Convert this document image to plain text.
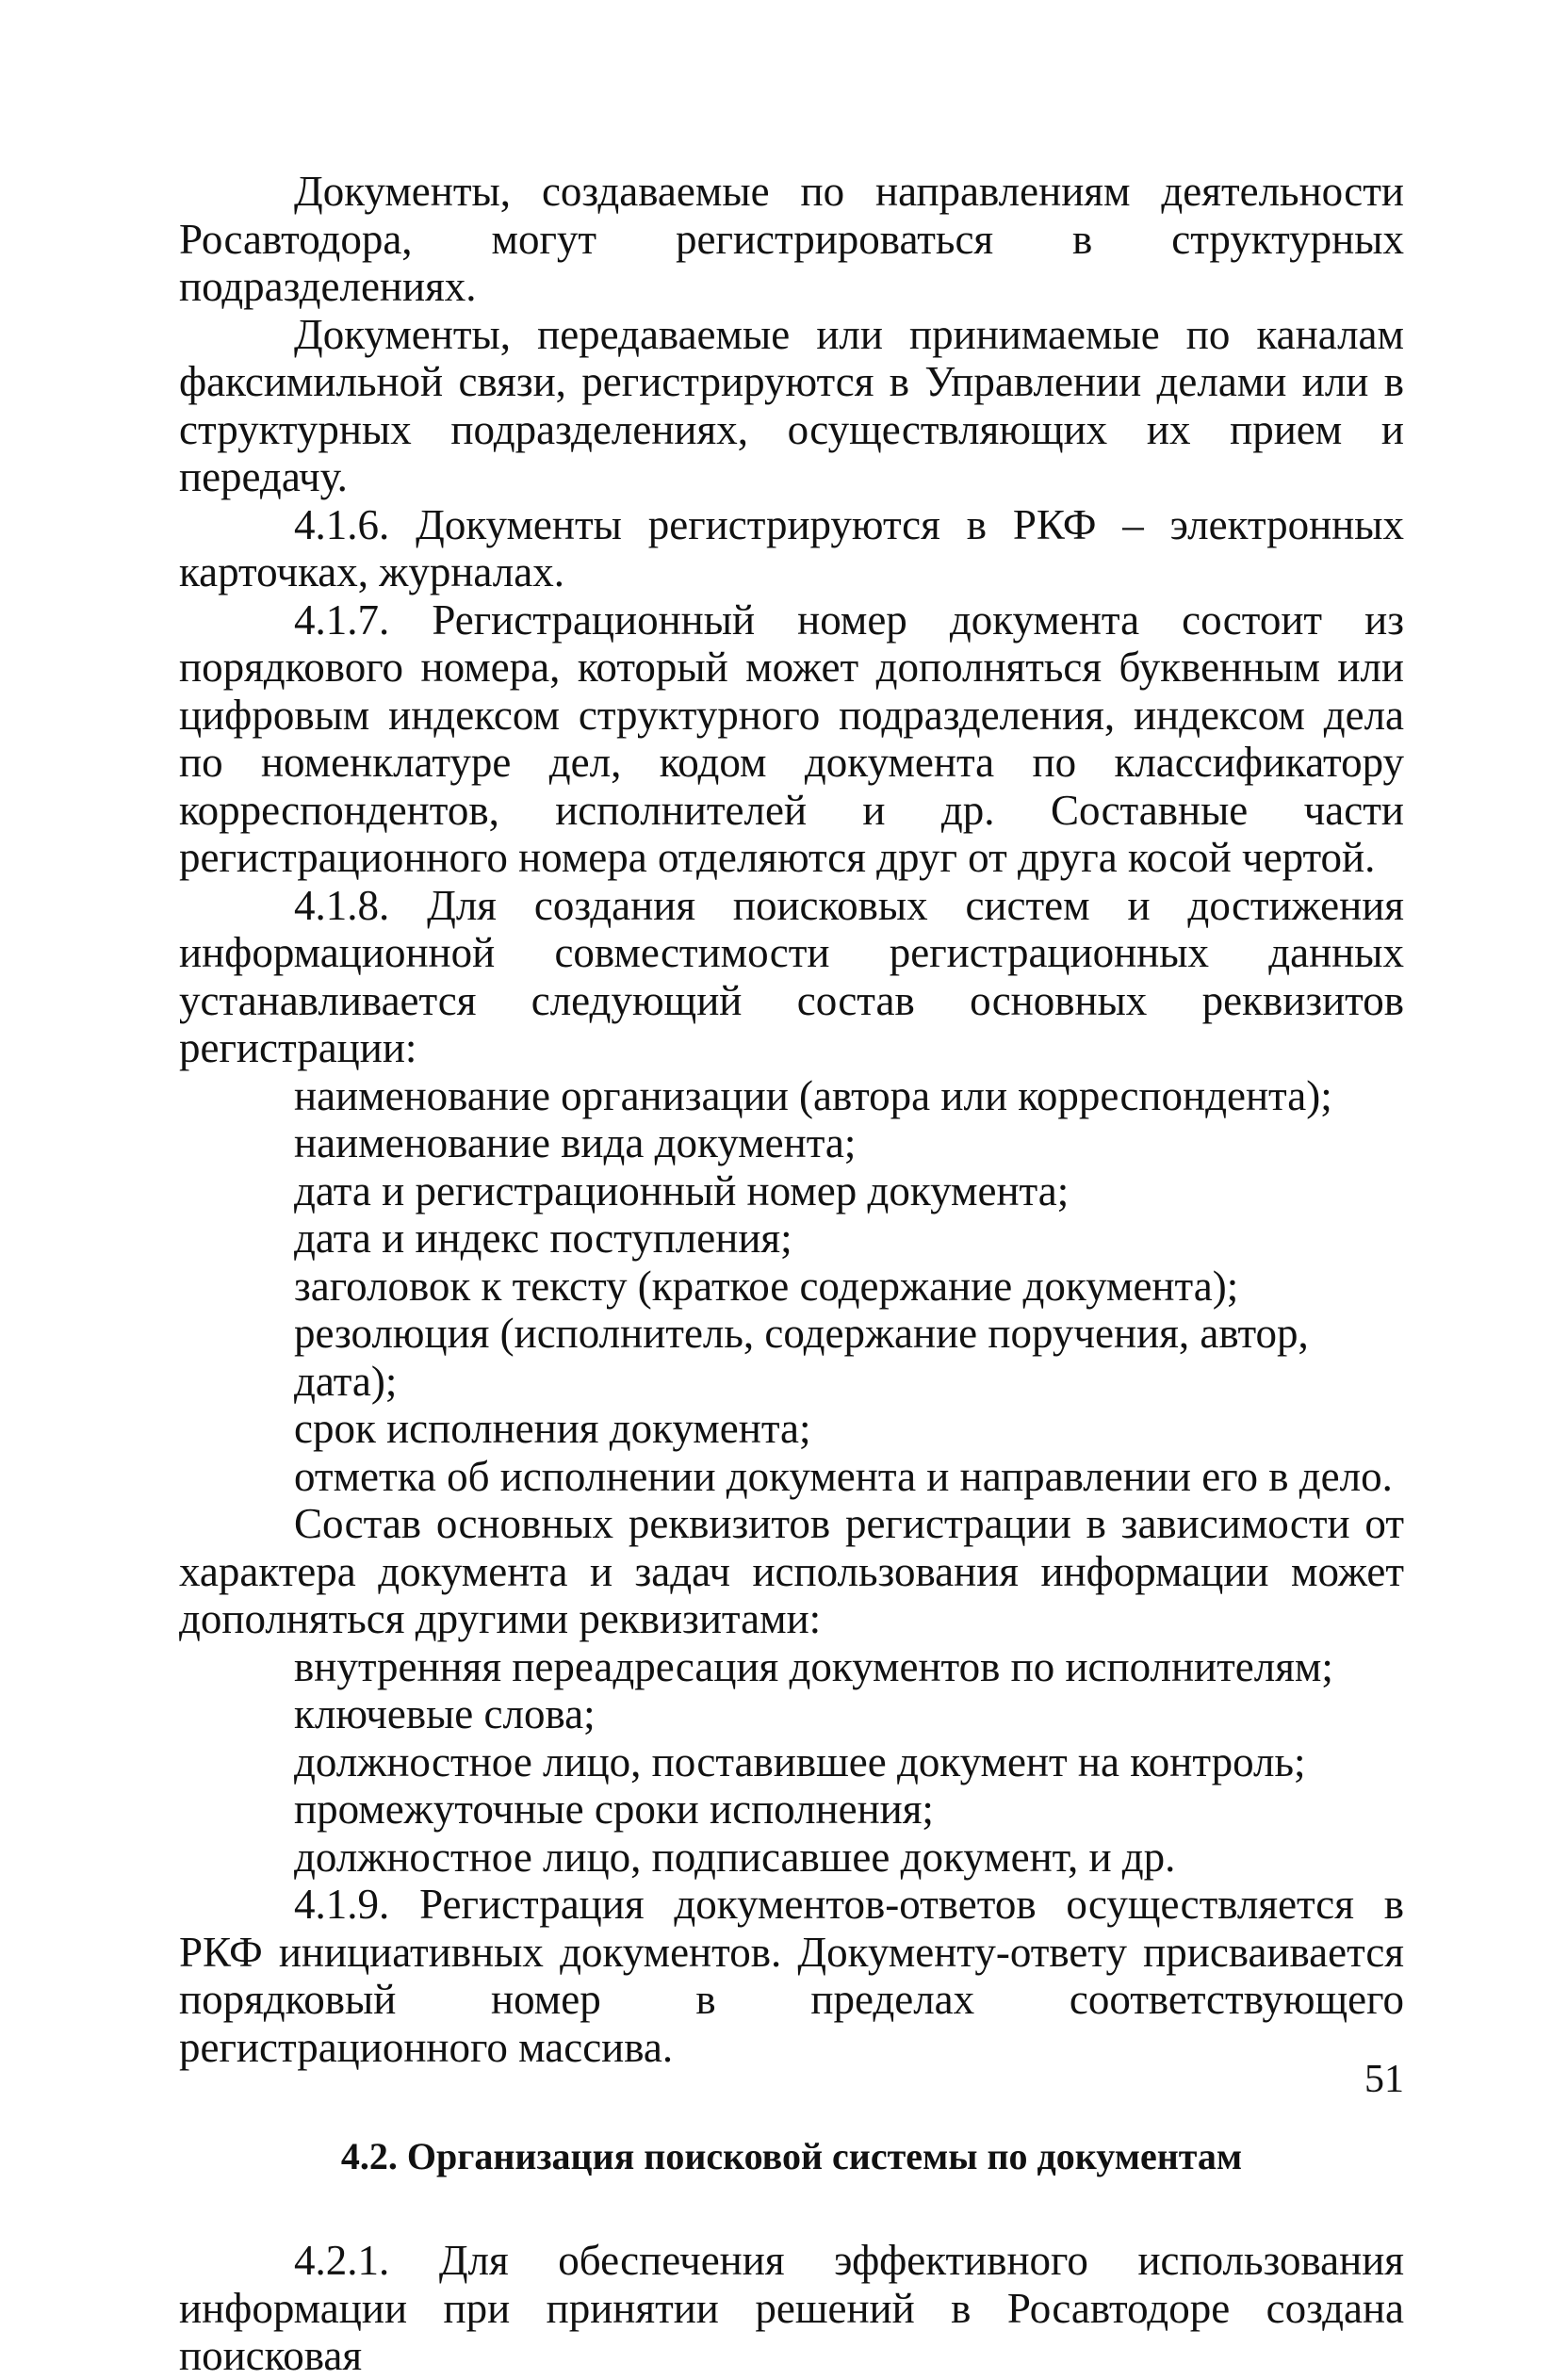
Документы, создаваемые по направлениям деятельности Росавтодора, могут регистрироваться в структурных подразделениях.

Документы, передаваемые или принимаемые по каналам факсимильной связи, регистрируются в Управлении делами или в структурных подразделениях, осуществляющих их прием и передачу.

4.1.6. Документы регистрируются в РКФ – электронных карточках, журналах.

4.1.7. Регистрационный номер документа состоит из порядкового номера, который может дополняться буквенным или цифровым индексом структурного подразделения, индексом дела по номенклатуре дел, кодом документа по классификатору корреспондентов, исполнителей и др. Составные части регистрационного номера отделяются друг от друга косой чертой.

4.1.8. Для создания поисковых систем и достижения информационной совместимости регистрационных данных устанавливается следующий состав основных реквизитов регистрации:

наименование организации (автора или корреспондента);

наименование вида документа;

дата и регистрационный номер документа;

дата и индекс поступления;

заголовок к тексту (краткое содержание документа);

резолюция (исполнитель, содержание поручения, автор, дата);

срок исполнения документа;

отметка об исполнении документа и направлении его в дело.

Состав основных реквизитов регистрации в зависимости от характера документа и задач использования информации может дополняться другими реквизитами:

внутренняя переадресация документов по исполнителям;

ключевые слова;

должностное лицо, поставившее документ на контроль;

промежуточные сроки исполнения;

должностное лицо, подписавшее документ, и др.

4.1.9. Регистрация документов-ответов осуществляется в РКФ инициативных документов. Документу-ответу присваивается порядковый номер в пределах соответствующего регистрационного массива.

4.2. Организация поисковой системы по документам

4.2.1. Для обеспечения эффективного использования информации при принятии решений в Росавтодоре создана поисковая

51
